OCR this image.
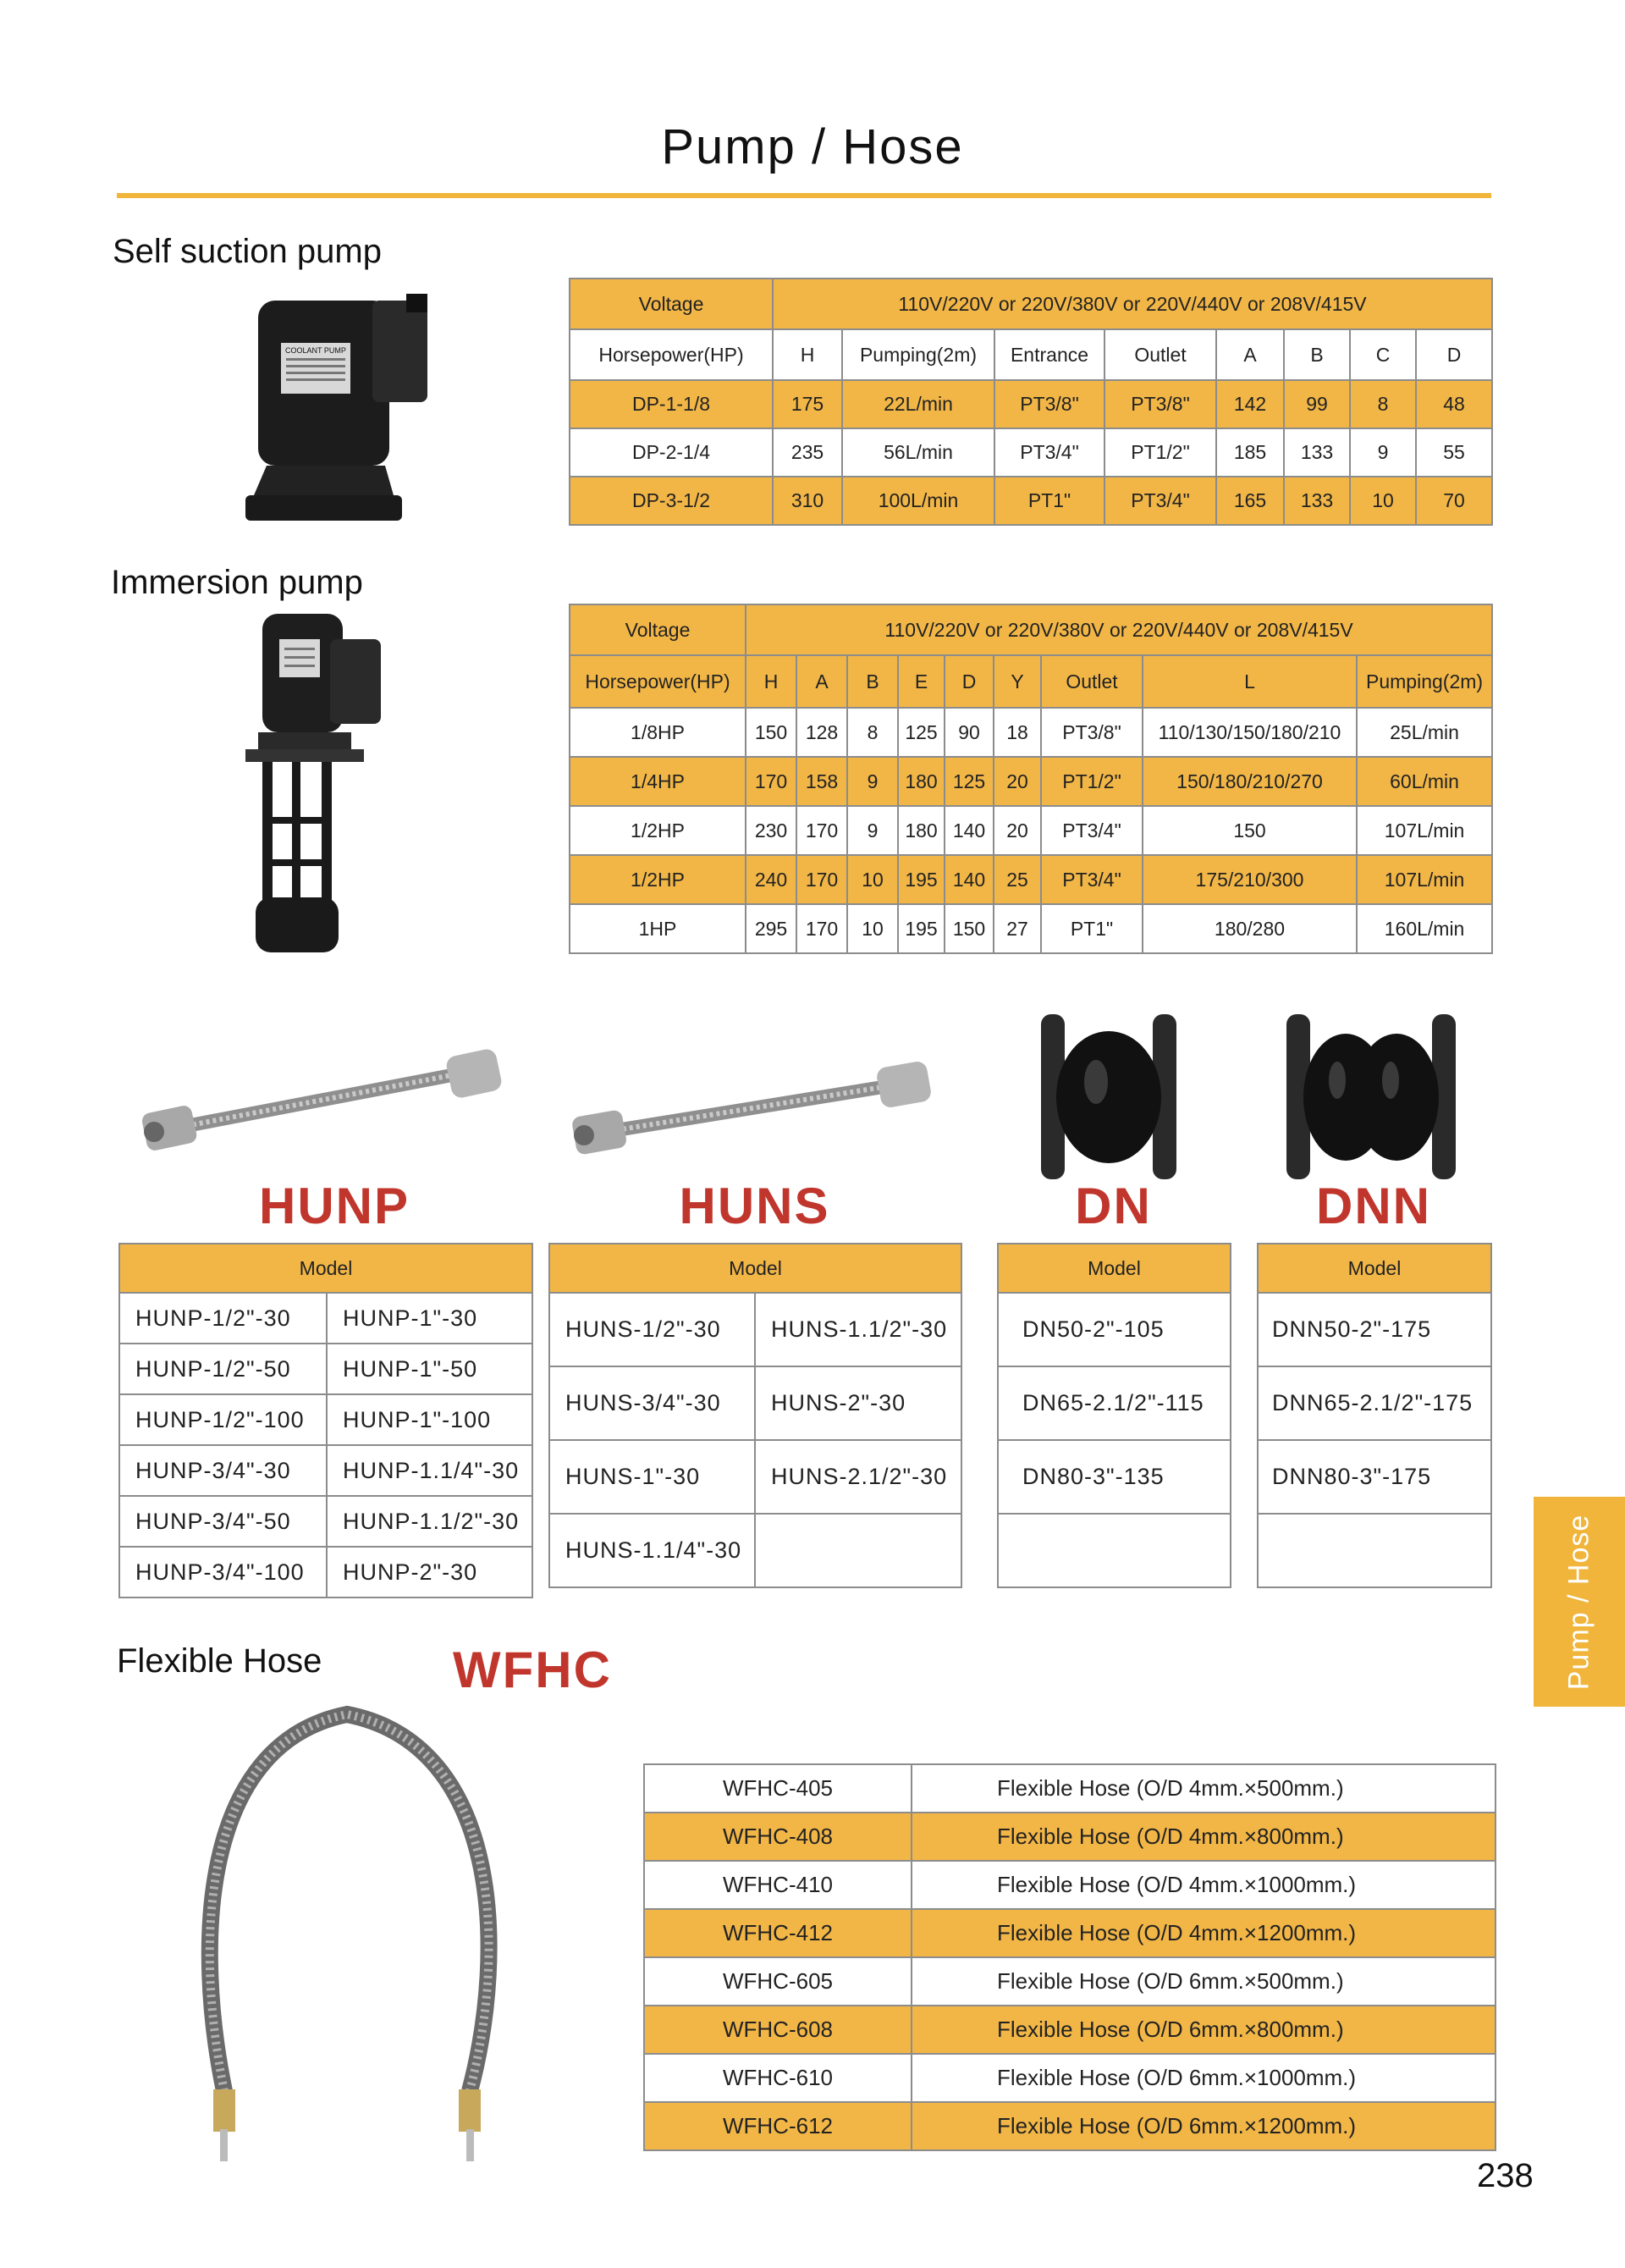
Pump / Hose
Self suction pump
COOLANT PUMP
Voltage	110V/220V or 220V/380V or 220V/440V or 208V/415V							
Horsepower(HP)	H	Pumping(2m)	Entrance	Outlet	A	B	C	D
DP-1-1/8	175	22L/min	PT3/8"	PT3/8"	142	99	8	48
DP-2-1/4	235	56L/min	PT3/4"	PT1/2"	185	133	9	55
DP-3-1/2	310	100L/min	PT1"	PT3/4"	165	133	10	70
Immersion pump
Voltage	110V/220V or 220V/380V or 220V/440V or 208V/415V								
Horsepower(HP)	H	A	B	E	D	Y	Outlet	L	Pumping(2m)
1/8HP	150	128	8	125	90	18	PT3/8"	110/130/150/180/210	25L/min
1/4HP	170	158	9	180	125	20	PT1/2"	150/180/210/270	60L/min
1/2HP	230	170	9	180	140	20	PT3/4"	150	107L/min
1/2HP	240	170	10	195	140	25	PT3/4"	175/210/300	107L/min
1HP	295	170	10	195	150	27	PT1"	180/280	160L/min
HUNP	HUNS	DN	DNN
Model	
HUNP-1/2"-30	HUNP-1"-30
HUNP-1/2"-50	HUNP-1"-50
HUNP-1/2"-100	HUNP-1"-100
HUNP-3/4"-30	HUNP-1.1/4"-30
HUNP-3/4"-50	HUNP-1.1/2"-30
HUNP-3/4"-100	HUNP-2"-30
Model	
HUNS-1/2"-30	HUNS-1.1/2"-30
HUNS-3/4"-30	HUNS-2"-30
HUNS-1"-30	HUNS-2.1/2"-30
HUNS-1.1/4"-30	
Model
DN50-2"-105
DN65-2.1/2"-115
DN80-3"-135

Model
DNN50-2"-175
DNN65-2.1/2"-175
DNN80-3"-175

Flexible Hose	WFHC
WFHC-405	Flexible Hose (O/D 4mm.×500mm.)
WFHC-408	Flexible Hose (O/D 4mm.×800mm.)
WFHC-410	Flexible Hose (O/D 4mm.×1000mm.)
WFHC-412	Flexible Hose (O/D 4mm.×1200mm.)
WFHC-605	Flexible Hose (O/D 6mm.×500mm.)
WFHC-608	Flexible Hose (O/D 6mm.×800mm.)
WFHC-610	Flexible Hose (O/D 6mm.×1000mm.)
WFHC-612	Flexible Hose (O/D 6mm.×1200mm.)
Pump / Hose
238
